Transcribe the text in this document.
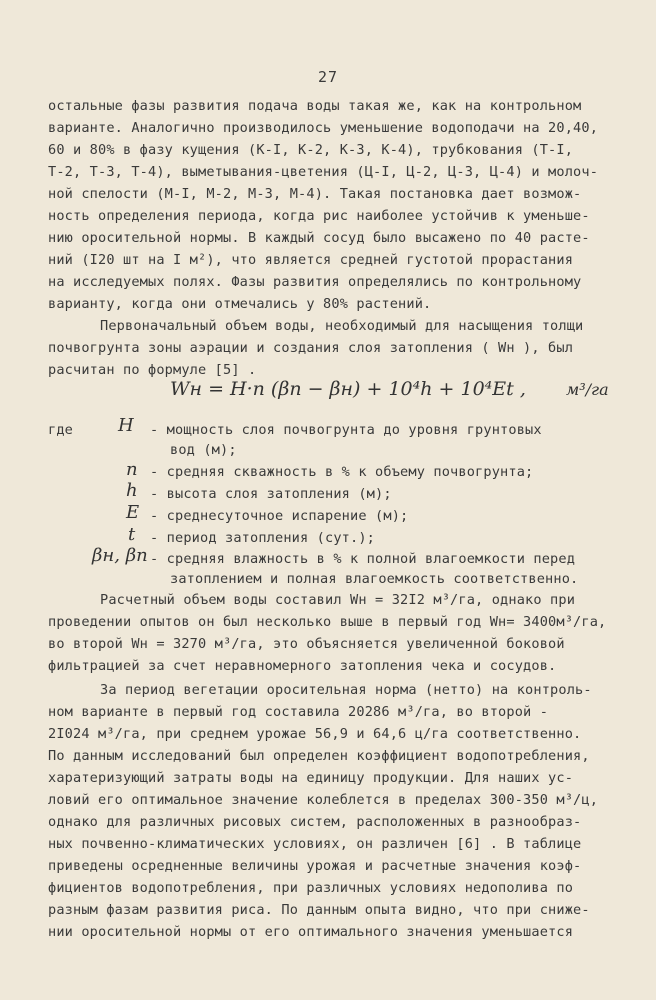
27
остальные фазы развития подача воды такая же, как на контрольном
варианте. Аналогично производилось уменьшение водоподачи на 20,40,
60 и 80% в фазу кущения (К-I, К-2, К-3, К-4), трубкования (Т-I,
Т-2, Т-3, Т-4), выметывания-цветения (Ц-I, Ц-2, Ц-3, Ц-4) и молоч-
ной спелости (М-I, М-2, М-3, М-4). Такая постановка дает возмож-
ность определения периода, когда рис наиболее устойчив к уменьше-
нию оросительной нормы. В каждый сосуд было высажено по 40 расте-
ний (I20 шт на I м²), что является средней густотой прорастания
на исследуемых полях. Фазы развития определялись по контрольному
варианту, когда они отмечались у 80% растений.
Первоначальный объем воды, необходимый для насыщения толщи
почвогрунта зоны аэрации и создания слоя затопления ( Wн ), был
расчитан по формуле [5] .
Wн = H·n (βп − βн) + 10⁴h + 10⁴Et ,	м³/га
где H - мощность слоя почвогрунта до уровня грунтовых
вод (м);
n - средняя скважность в % к объему почвогрунта;
h - высота слоя затопления (м);
E - среднесуточное испарение (м);
t - период затопления (сут.);
βн, βп - средняя влажность в % к полной влагоемкости перед
затоплением и полная влагоемкость соответственно.
Расчетный объем воды составил Wн = 32I2 м³/га, однако при
проведении опытов он был несколько выше в первый год Wн= 3400м³/га,
во второй Wн = 3270 м³/га, это объясняется увеличенной боковой
фильтрацией за счет неравномерного затопления чека и сосудов.
За период вегетации оросительная норма (нетто) на контроль-
ном варианте в первый год составила 20286 м³/га, во второй -
2I024 м³/га, при среднем урожае 56,9 и 64,6 ц/га соответственно.
По данным исследований был определен коэффициент водопотребления,
харатеризующий затраты воды на единицу продукции. Для наших ус-
ловий его оптимальное значение колеблется в пределах 300-350 м³/ц,
однако для различных рисовых систем, расположенных в разнообраз-
ных почвенно-климатических условиях, он различен [6] . В таблице
приведены осредненные величины урожая и расчетные значения коэф-
фициентов водопотребления, при различных условиях недополива по
разным фазам развития риса. По данным опыта видно, что при сниже-
нии оросительной нормы от его оптимального значения уменьшается
